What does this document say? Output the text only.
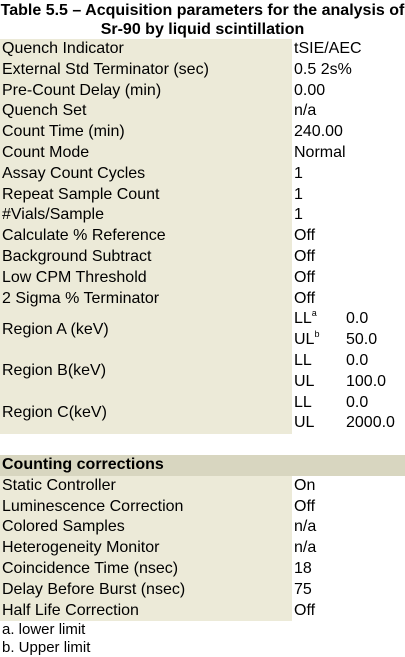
Table 5.5 – Acquisition parameters for the analysis of Sr-90 by liquid scintillation
Quench Indicator	tSIE/AEC
External Std Terminator (sec)	0.5 2s%
Pre-Count Delay (min)	0.00
Quench Set	n/a
Count Time (min)	240.00
Count Mode	Normal
Assay Count Cycles	1
Repeat Sample Count	1
#Vials/Sample	1
Calculate % Reference	Off
Background Subtract	Off
Low CPM Threshold	Off
2 Sigma % Terminator	Off
Region A (keV)	$LL^a$ 0.0
$UL^b$ 50.0

Region B(keV)	LL 0.0
UL 100.0

Region C(keV)	LL 0.0
UL 2000.0

Counting corrections	
Static Controller	On
Luminescence Correction	Off
Colored Samples	n/a
Heterogeneity Monitor	n/a
Coincidence Time (nsec)	18
Delay Before Burst (nsec)	75
Half Life Correction	Off
a. lower limit
b. Upper limit
